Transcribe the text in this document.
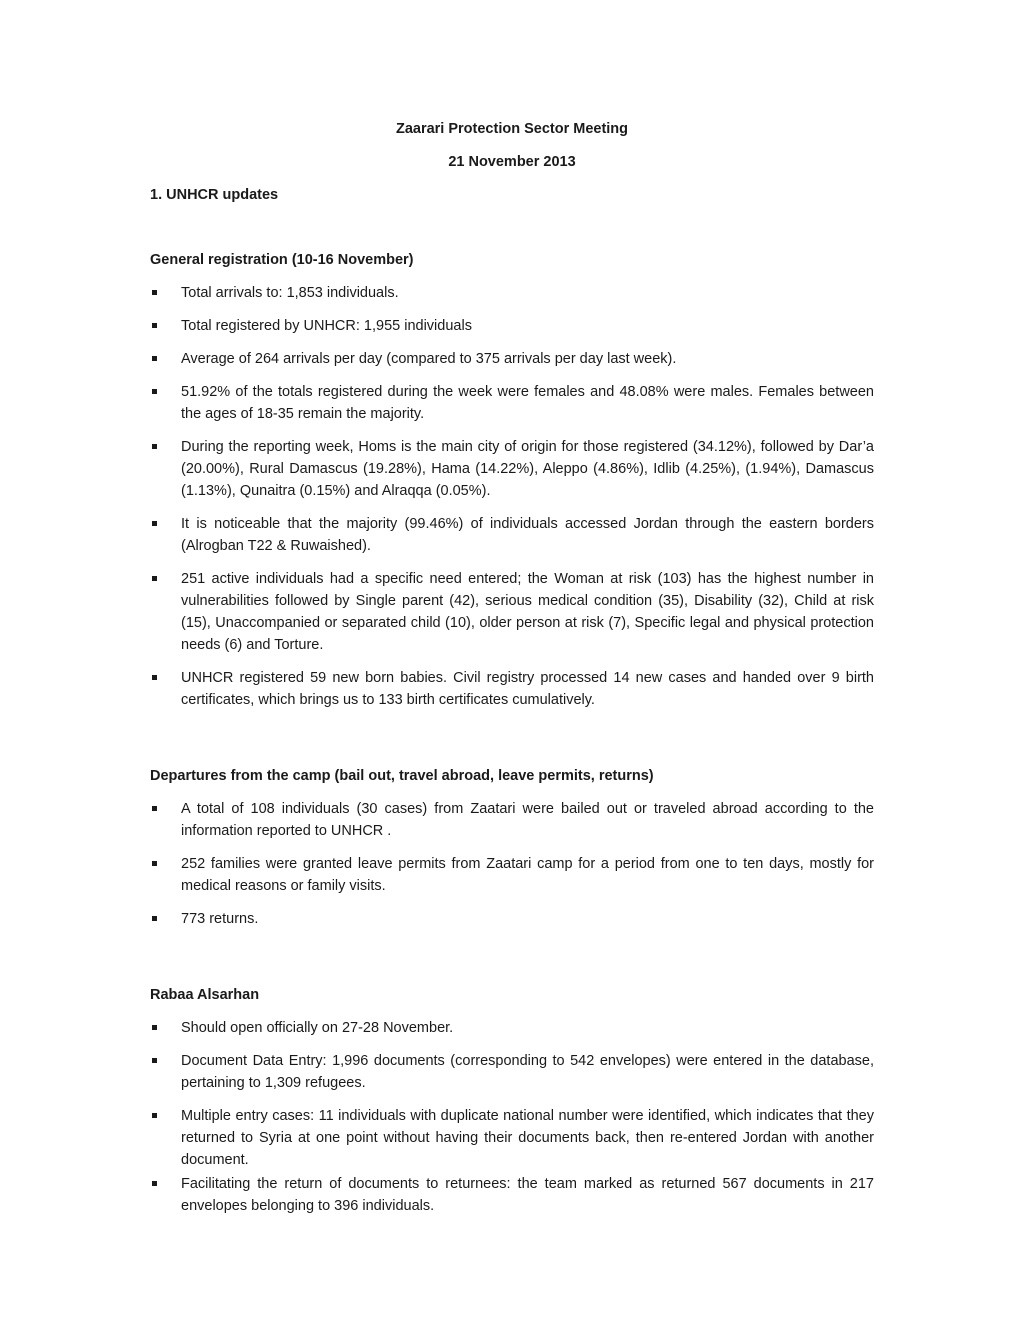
Zaarari Protection Sector Meeting

21 November 2013

1. UNHCR updates

General registration (10-16 November)

Total arrivals to: 1,853 individuals.
Total registered by UNHCR: 1,955 individuals
Average of 264 arrivals per day (compared to 375 arrivals per day last week).
51.92% of the totals registered during the week were females and 48.08% were males. Females between the ages of 18-35 remain the majority.
During the reporting week, Homs is the main city of origin for those registered (34.12%), followed by Dar’a (20.00%), Rural Damascus (19.28%), Hama (14.22%), Aleppo (4.86%), Idlib (4.25%), (1.94%), Damascus (1.13%), Qunaitra (0.15%) and Alraqqa (0.05%).
It is noticeable that the majority (99.46%) of individuals accessed Jordan through the eastern borders (Alrogban T22 & Ruwaished).
251 active individuals had a specific need entered; the Woman at risk (103) has the highest number in vulnerabilities followed by Single parent (42), serious medical condition (35), Disability (32), Child at risk (15), Unaccompanied or separated child (10), older person at risk (7), Specific legal and physical protection needs (6) and Torture.
UNHCR registered 59 new born babies. Civil registry processed 14 new cases and handed over 9 birth certificates, which brings us to 133 birth certificates cumulatively.

Departures from the camp (bail out, travel abroad, leave permits, returns)

A total of 108 individuals (30 cases) from Zaatari were bailed out or traveled abroad according to the information reported to UNHCR .
252 families were granted leave permits from Zaatari camp for a period from one to ten days, mostly for medical reasons or family visits.
773 returns.

Rabaa Alsarhan

Should open officially on 27-28 November.
Document Data Entry: 1,996 documents (corresponding to 542 envelopes) were entered in the database, pertaining to 1,309 refugees.
Multiple entry cases: 11 individuals with duplicate national number were identified, which indicates that they returned to Syria at one point without having their documents back, then re-entered Jordan with another document.
Facilitating the return of documents to returnees: the team marked as returned 567 documents in 217 envelopes belonging to 396 individuals.
